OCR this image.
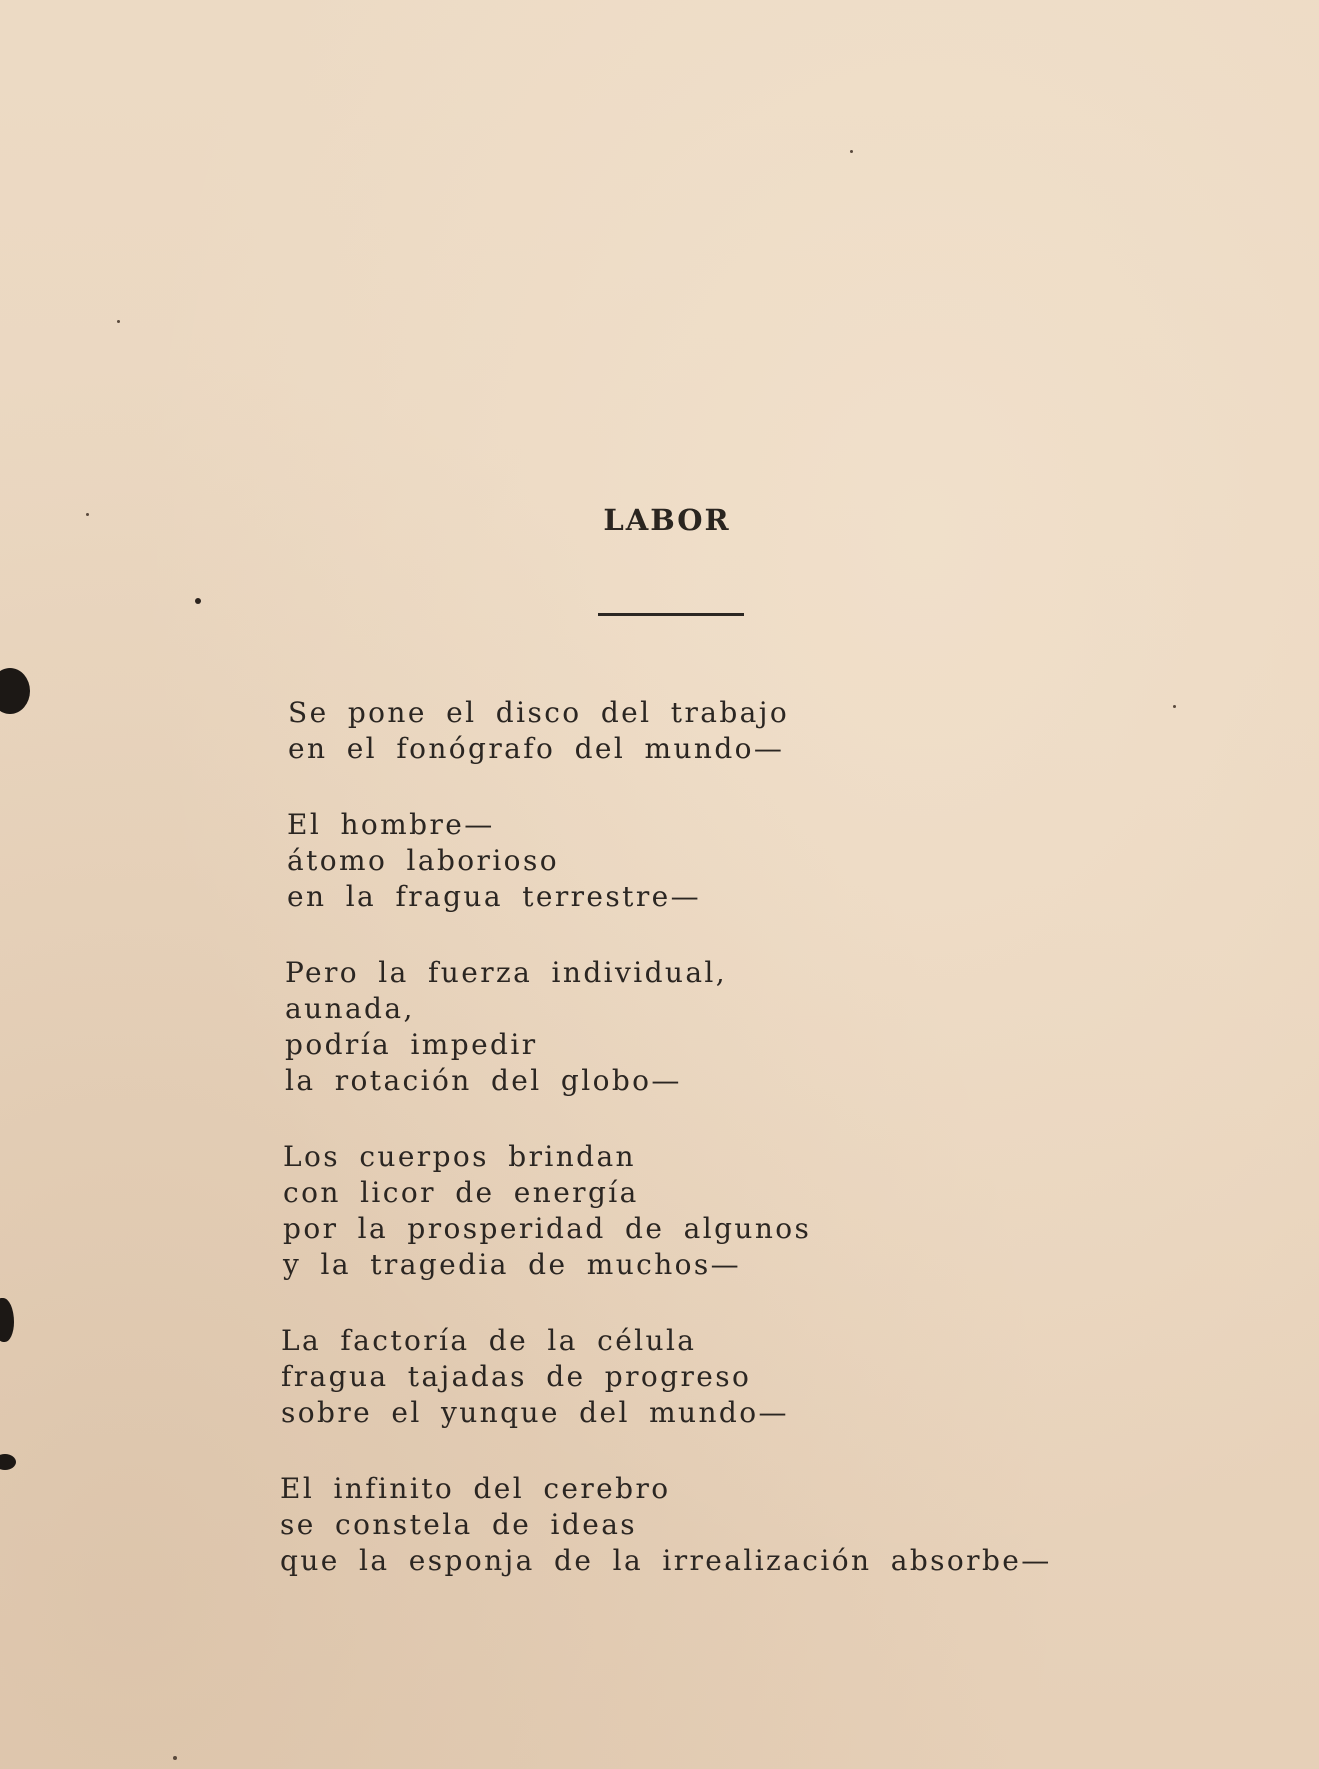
LABOR
Se pone el disco del trabajo
en el fonógrafo del mundo—
El hombre—
átomo laborioso
en la fragua terrestre—
Pero la fuerza individual,
aunada,
podría impedir
la rotación del globo—
Los cuerpos brindan
con licor de energía
por la prosperidad de algunos
y la tragedia de muchos—
La factoría de la célula
fragua tajadas de progreso
sobre el yunque del mundo—
El infinito del cerebro
se constela de ideas
que la esponja de la irrealización absorbe—
